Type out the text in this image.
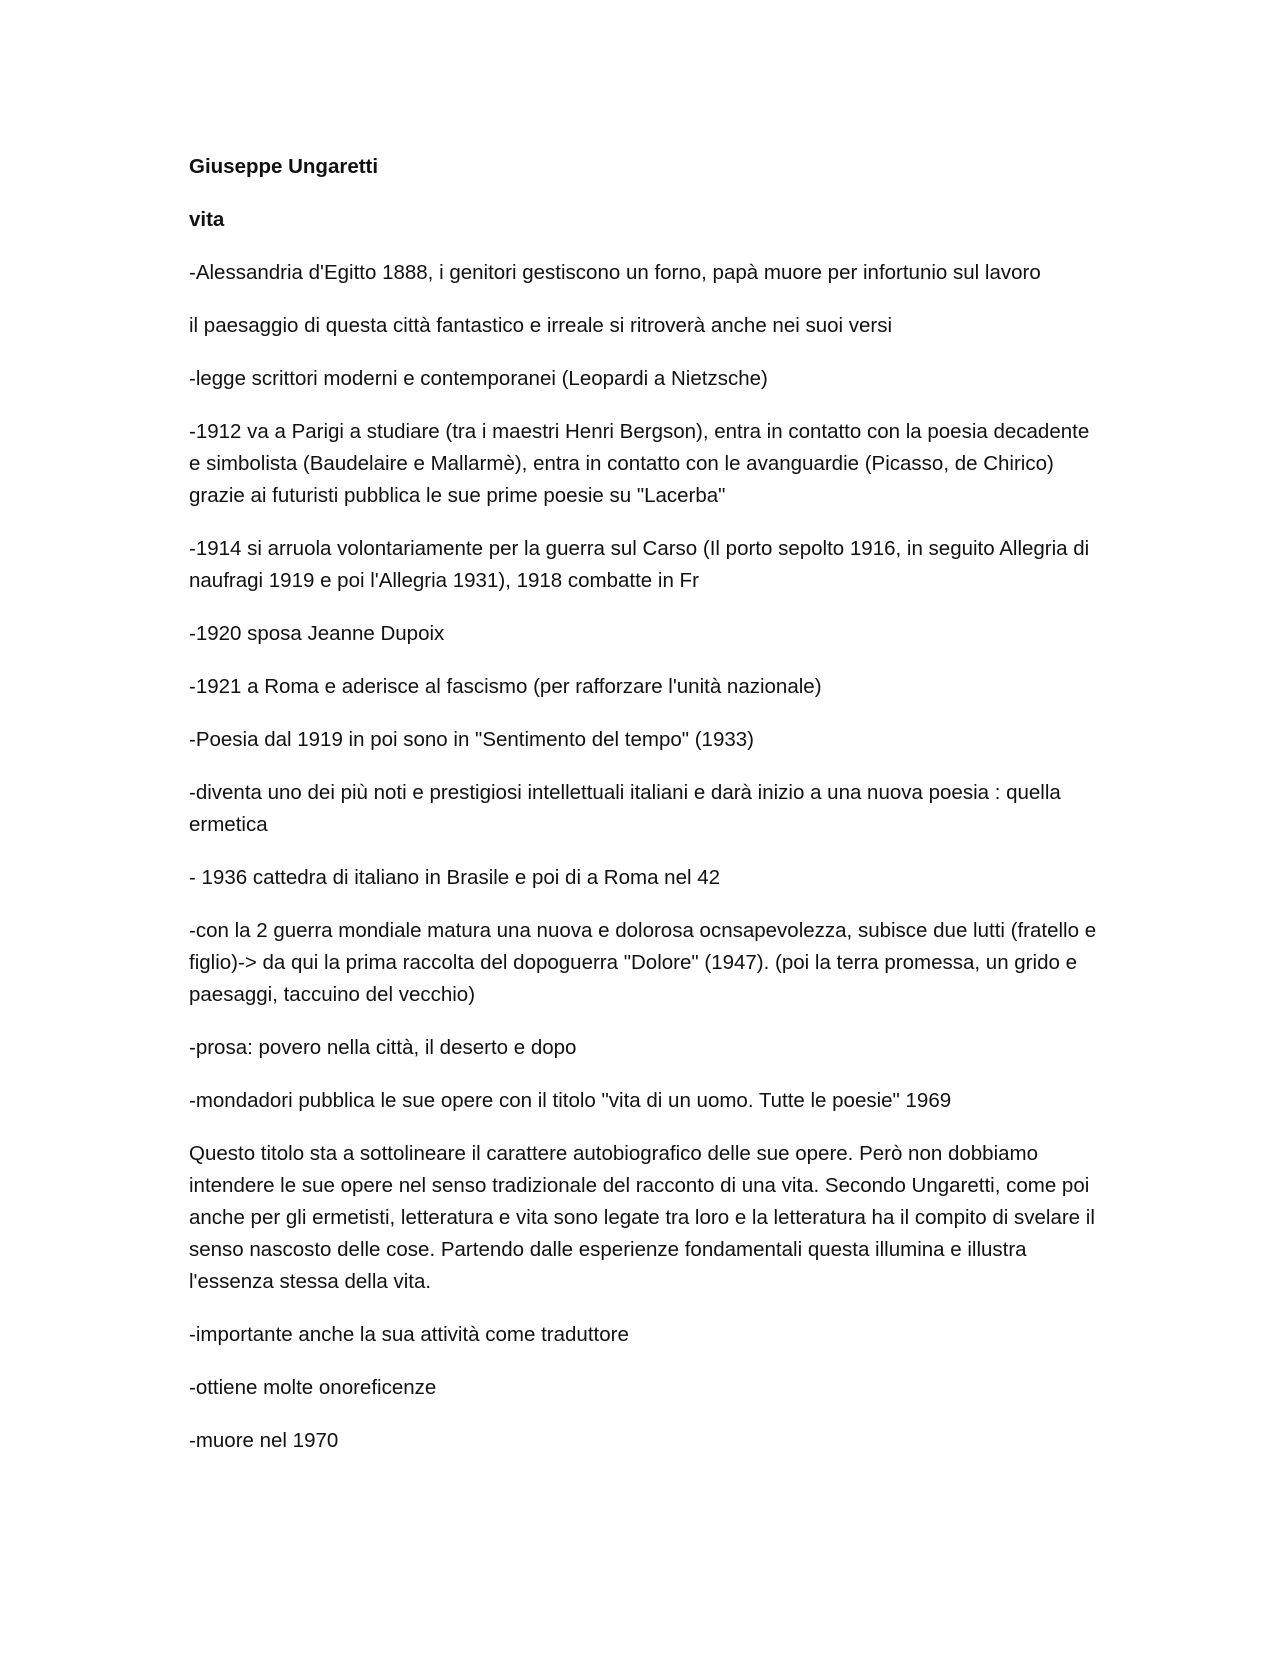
Giuseppe Ungaretti

vita

-Alessandria d'Egitto 1888, i genitori gestiscono un forno, papà muore per infortunio sul lavoro

il paesaggio di questa città fantastico e irreale si ritroverà anche nei suoi versi

-legge scrittori moderni e contemporanei (Leopardi a Nietzsche)

-1912 va a Parigi a studiare (tra i maestri Henri Bergson), entra in contatto con la poesia decadente e simbolista (Baudelaire e Mallarmè), entra in contatto con le avanguardie (Picasso, de Chirico) grazie ai futuristi pubblica le sue prime poesie su "Lacerba"

-1914 si arruola volontariamente per la guerra sul Carso (Il porto sepolto 1916, in seguito Allegria di naufragi 1919 e poi l'Allegria 1931), 1918 combatte in Fr

-1920 sposa Jeanne Dupoix

-1921 a Roma e aderisce al fascismo (per rafforzare l'unità nazionale)

-Poesia dal 1919 in poi sono in "Sentimento del tempo" (1933)

-diventa uno dei più noti e prestigiosi intellettuali italiani e darà inizio a una nuova poesia : quella ermetica

- 1936 cattedra di italiano in Brasile e poi di a Roma nel 42

-con la 2 guerra mondiale matura una nuova e dolorosa ocnsapevolezza, subisce due lutti (fratello e figlio)-> da qui la prima raccolta del dopoguerra "Dolore" (1947). (poi la terra promessa, un grido e paesaggi, taccuino del vecchio)

-prosa: povero nella città, il deserto e dopo

-mondadori pubblica le sue opere con il titolo "vita di un uomo. Tutte le poesie" 1969

Questo titolo sta a sottolineare il carattere autobiografico delle sue opere. Però non dobbiamo intendere le sue opere nel senso tradizionale del racconto di una vita. Secondo Ungaretti, come poi anche per gli ermetisti, letteratura e vita sono legate tra loro e la letteratura ha il compito di svelare il senso nascosto delle cose. Partendo dalle esperienze fondamentali questa illumina e illustra l'essenza stessa della vita.

-importante anche la sua attività come traduttore

-ottiene molte onoreficenze

-muore nel 1970
